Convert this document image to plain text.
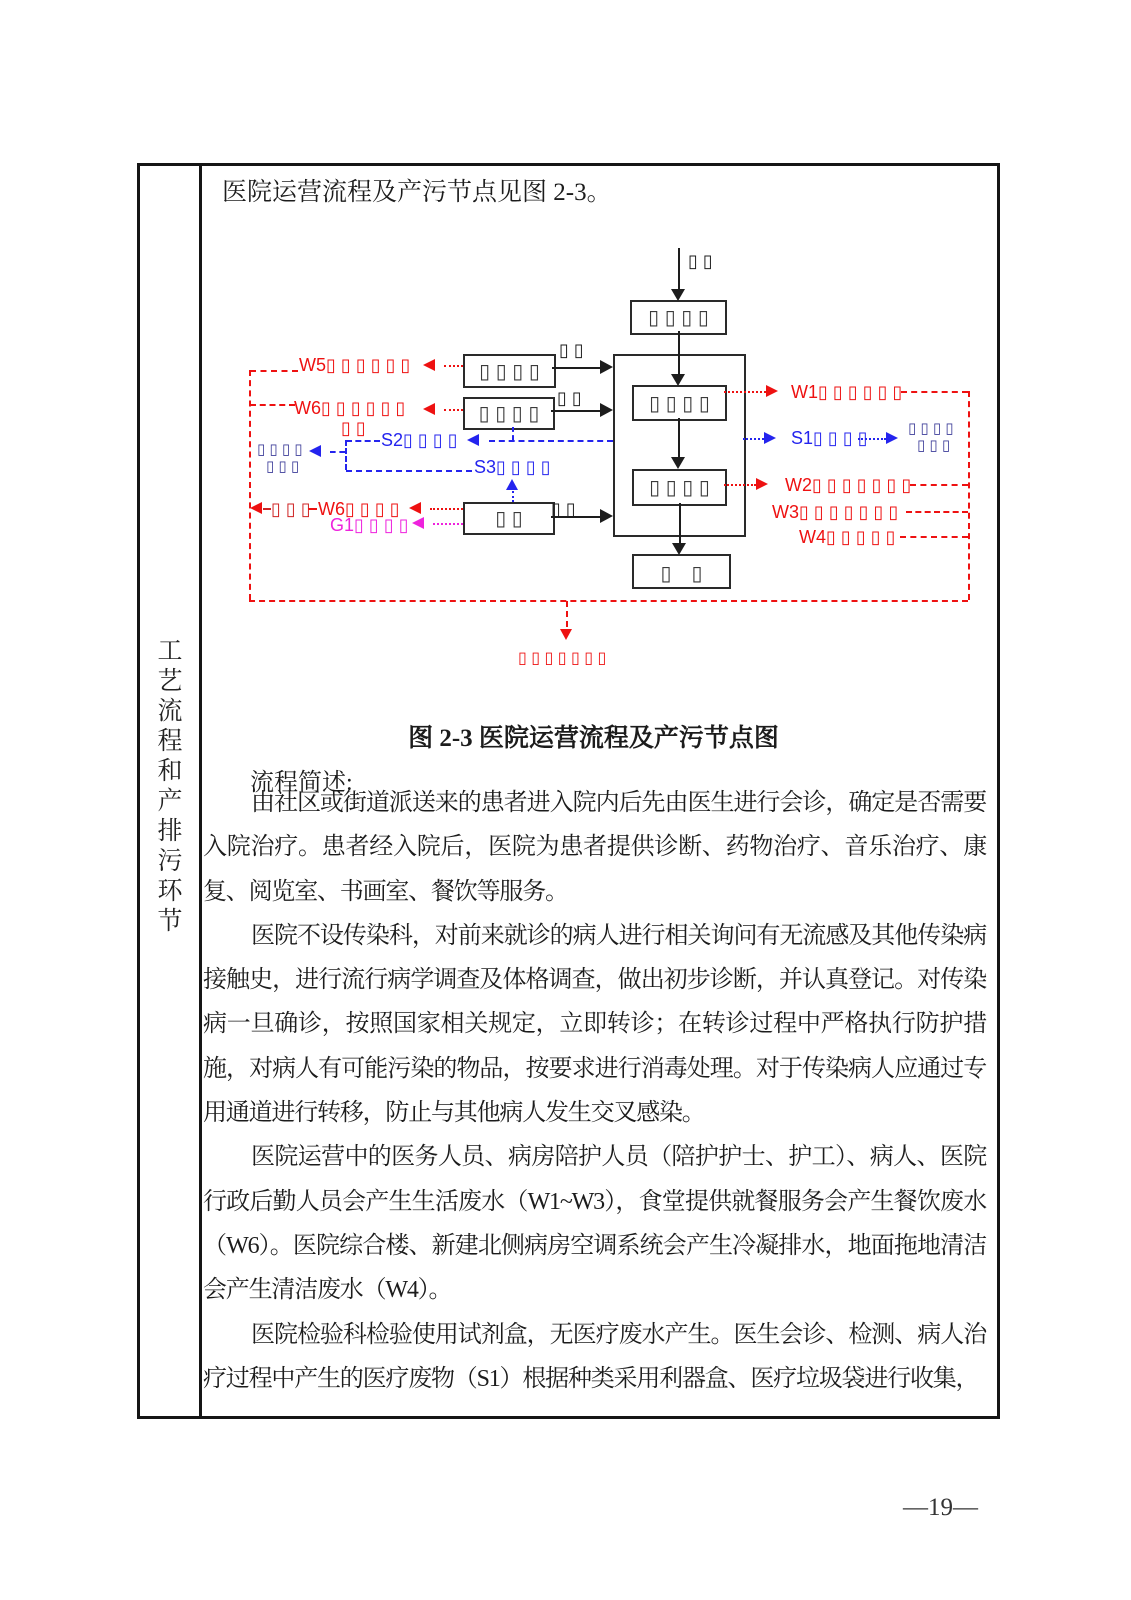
工艺流程和产排污环节
医院运营流程及产污节点见图 2-3。
▯ ▯ ▯ ▯
▯ ▯ ▯ ▯
▯ ▯ ▯ ▯
▯　▯
▯ ▯ ▯ ▯
▯ ▯ ▯ ▯
▯ ▯
▯ ▯
▯ ▯
▯ ▯
▯ ▯
W5▯ ▯ ▯ ▯ ▯ ▯
W6▯ ▯ ▯ ▯ ▯ ▯
▯ ▯
▯ ▯ ▯ W6▯ ▯ ▯ ▯
G1▯ ▯ ▯ ▯
S2▯ ▯ ▯ ▯
S3▯ ▯ ▯ ▯
▯ ▯ ▯ ▯
▯ ▯ ▯
W1▯ ▯ ▯ ▯ ▯ ▯
S1▯ ▯ ▯ ▯	▯ ▯ ▯ ▯
▯ ▯ ▯
W2▯ ▯ ▯ ▯ ▯ ▯ ▯
W3▯ ▯ ▯ ▯ ▯ ▯ ▯
W4▯ ▯ ▯ ▯ ▯
▯ ▯ ▯ ▯ ▯ ▯ ▯
图 2-3 医院运营流程及产污节点图
流程简述:

由社区或街道派送来的患者进入院内后先由医生进行会诊，确定是否需要入院治疗。患者经入院后，医院为患者提供诊断、药物治疗、音乐治疗、康复、阅览室、书画室、餐饮等服务。

医院不设传染科，对前来就诊的病人进行相关询问有无流感及其他传染病接触史，进行流行病学调查及体格调查，做出初步诊断，并认真登记。对传染病一旦确诊，按照国家相关规定，立即转诊；在转诊过程中严格执行防护措施，对病人有可能污染的物品，按要求进行消毒处理。对于传染病人应通过专用通道进行转移，防止与其他病人发生交叉感染。

医院运营中的医务人员、病房陪护人员（陪护护士、护工）、病人、医院行政后勤人员会产生生活废水（W1~W3），食堂提供就餐服务会产生餐饮废水（W6）。医院综合楼、新建北侧病房空调系统会产生冷凝排水，地面拖地清洁会产生清洁废水（W4）。

医院检验科检验使用试剂盒，无医疗废水产生。医生会诊、检测、病人治疗过程中产生的医疗废物（S1）根据种类采用利器盒、医疗垃圾袋进行收集，

—19—
